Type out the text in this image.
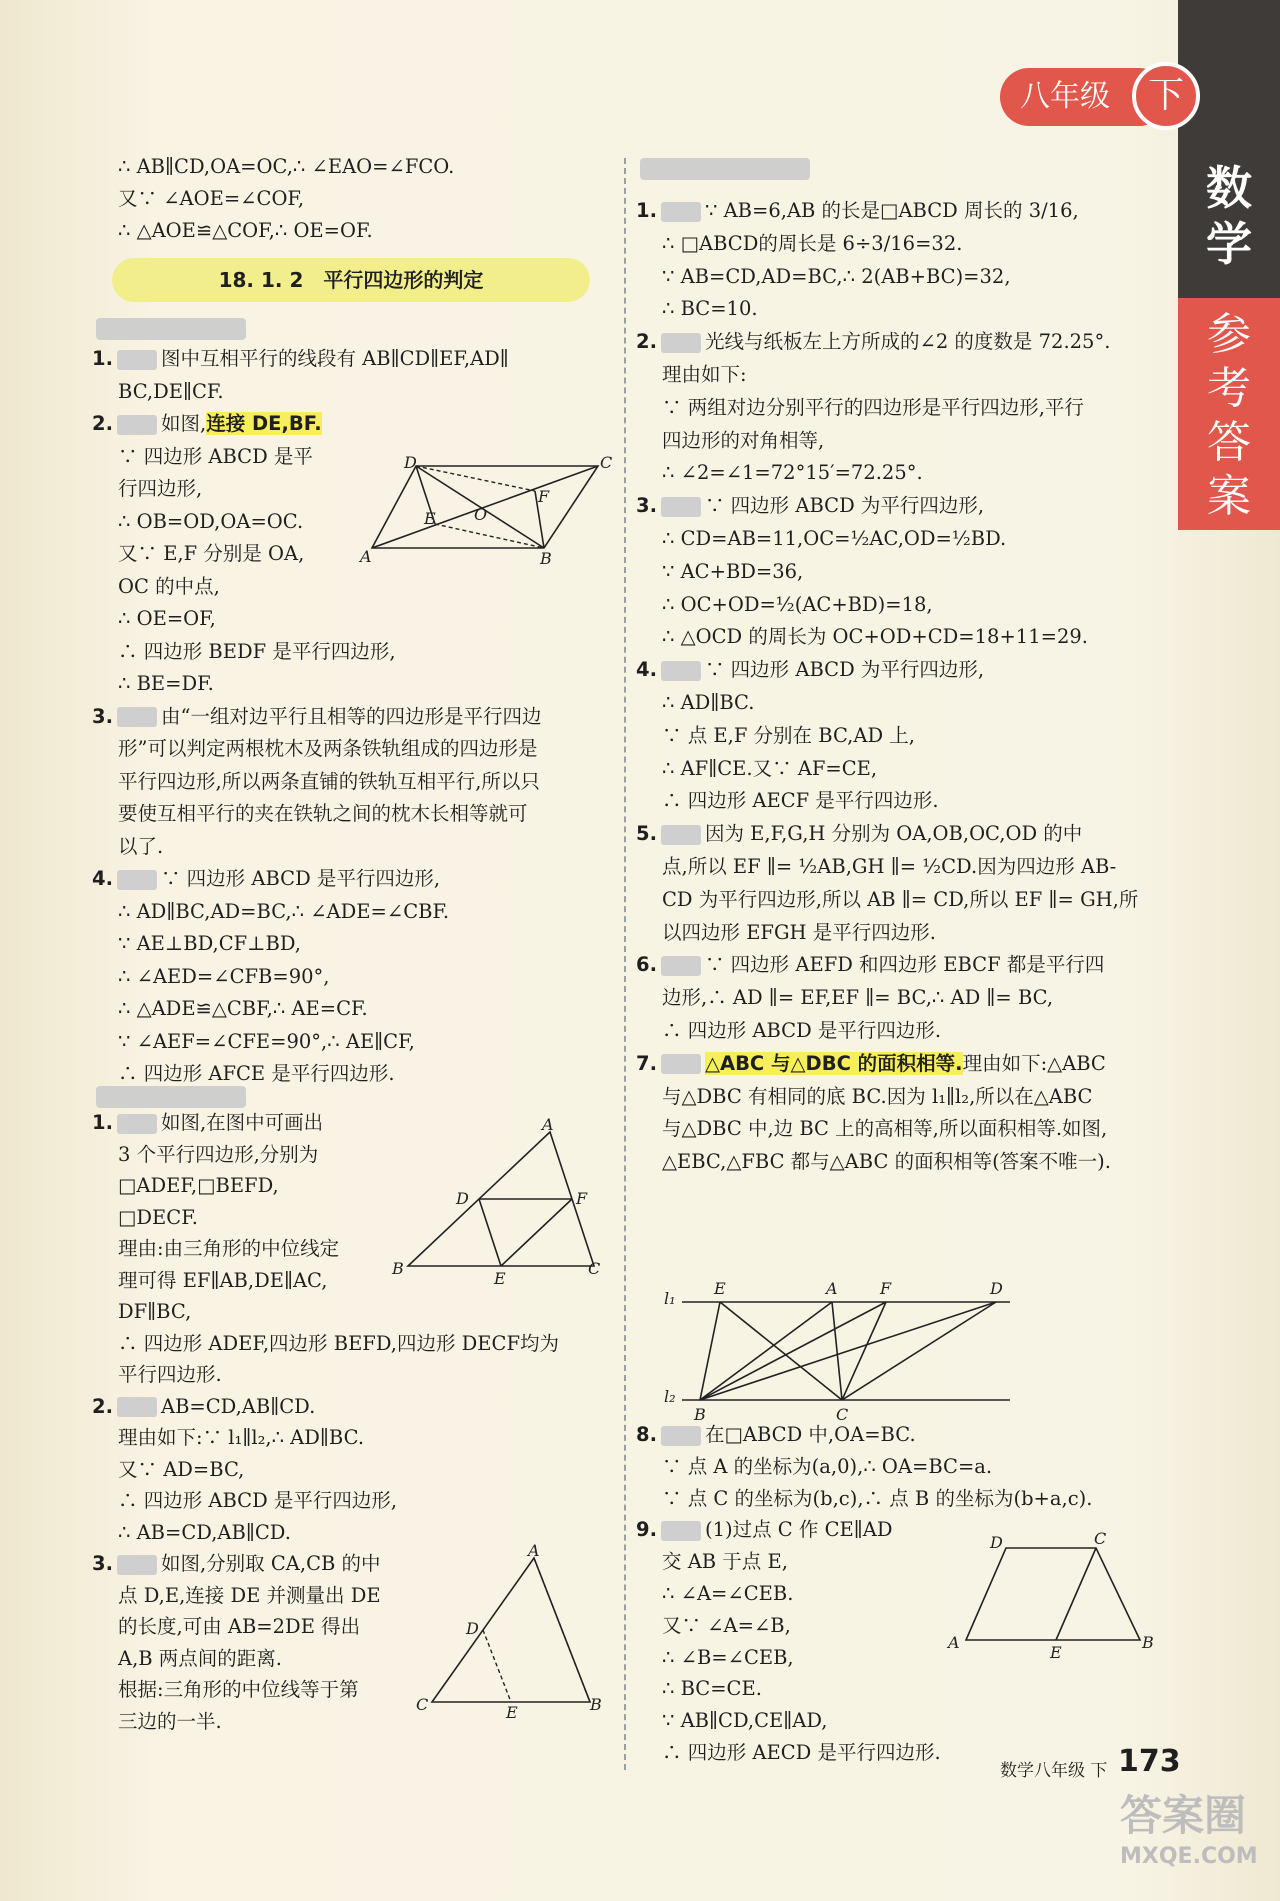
数
学
参
考
答
案
八年级	下
∴ AB∥CD,OA=OC,∴ ∠EAO=∠FCO.
又∵ ∠AOE=∠COF,
∴ △AOE≌△COF,∴ OE=OF.
18. 1. 2　平行四边形的判定
1. 图中互相平行的线段有 AB∥CD∥EF,AD∥
BC,DE∥CF.
2. 如图,连接 DE,BF.
∵ 四边形 ABCD 是平
行四边形,
∴ OB=OD,OA=OC.
又∵ E,F 分别是 OA,
OC 的中点,
∴ OE=OF,
∴ 四边形 BEDF 是平行四边形,
∴ BE=DF.
3. 由“一组对边平行且相等的四边形是平行四边
形”可以判定两根枕木及两条铁轨组成的四边形是
平行四边形,所以两条直铺的铁轨互相平行,所以只
要使互相平行的夹在铁轨之间的枕木长相等就可
以了.
4. ∵ 四边形 ABCD 是平行四边形,
∴ AD∥BC,AD=BC,∴ ∠ADE=∠CBF.
∵ AE⊥BD,CF⊥BD,
∴ ∠AED=∠CFB=90°,
∴ △ADE≌△CBF,∴ AE=CF.
∵ ∠AEF=∠CFE=90°,∴ AE∥CF,
∴ 四边形 AFCE 是平行四边形.
1. 如图,在图中可画出
3 个平行四边形,分别为
□ADEF,□BEFD,
□DECF.
理由:由三角形的中位线定
理可得 EF∥AB,DE∥AC,
DF∥BC,
∴ 四边形 ADEF,四边形 BEFD,四边形 DECF均为
平行四边形.
2. AB=CD,AB∥CD.
理由如下:∵ l₁∥l₂,∴ AD∥BC.
又∵ AD=BC,
∴ 四边形 ABCD 是平行四边形,
∴ AB=CD,AB∥CD.
3. 如图,分别取 CA,CB 的中
点 D,E,连接 DE 并测量出 DE
的长度,可由 AB=2DE 得出
A,B 两点间的距离.
根据:三角形的中位线等于第
三边的一半.
1. ∵ AB=6,AB 的长是□ABCD 周长的 3/16,
∴ □ABCD的周长是 6÷3/16=32.
∵ AB=CD,AD=BC,∴ 2(AB+BC)=32,
∴ BC=10.
2. 光线与纸板左上方所成的∠2 的度数是 72.25°.
理由如下:
∵ 两组对边分别平行的四边形是平行四边形,平行
四边形的对角相等,
∴ ∠2=∠1=72°15′=72.25°.
3. ∵ 四边形 ABCD 为平行四边形,
∴ CD=AB=11,OC=½AC,OD=½BD.
∵ AC+BD=36,
∴ OC+OD=½(AC+BD)=18,
∴ △OCD 的周长为 OC+OD+CD=18+11=29.
4. ∵ 四边形 ABCD 为平行四边形,
∴ AD∥BC.
∵ 点 E,F 分别在 BC,AD 上,
∴ AF∥CE.又∵ AF=CE,
∴ 四边形 AECF 是平行四边形.
5. 因为 E,F,G,H 分别为 OA,OB,OC,OD 的中
点,所以 EF ∥= ½AB,GH ∥= ½CD.因为四边形 AB-
CD 为平行四边形,所以 AB ∥= CD,所以 EF ∥= GH,所
以四边形 EFGH 是平行四边形.
6. ∵ 四边形 AEFD 和四边形 EBCF 都是平行四
边形,∴ AD ∥= EF,EF ∥= BC,∴ AD ∥= BC,
∴ 四边形 ABCD 是平行四边形.
7. △ABC 与△DBC 的面积相等.理由如下:△ABC
与△DBC 有相同的底 BC.因为 l₁∥l₂,所以在△ABC
与△DBC 中,边 BC 上的高相等,所以面积相等.如图,
△EBC,△FBC 都与△ABC 的面积相等(答案不唯一).
8. 在□ABCD 中,OA=BC.
∵ 点 A 的坐标为(a,0),∴ OA=BC=a.
∵ 点 C 的坐标为(b,c),∴ 点 B 的坐标为(b+a,c).
9. (1)过点 C 作 CE∥AD
交 AB 于点 E,
∴ ∠A=∠CEB.
又∵ ∠A=∠B,
∴ ∠B=∠CEB,
∴ BC=CE.
∵ AB∥CD,CE∥AD,
∴ 四边形 AECD 是平行四边形.
D	C
A	B
E
F
O
A
D	F
B
E
C
A
D
C	E	B
l₁
l₂
E	A	F	D
B	C
D	C
A
E
B
数学八年级 下 173
答案圈
MXQE.COM
